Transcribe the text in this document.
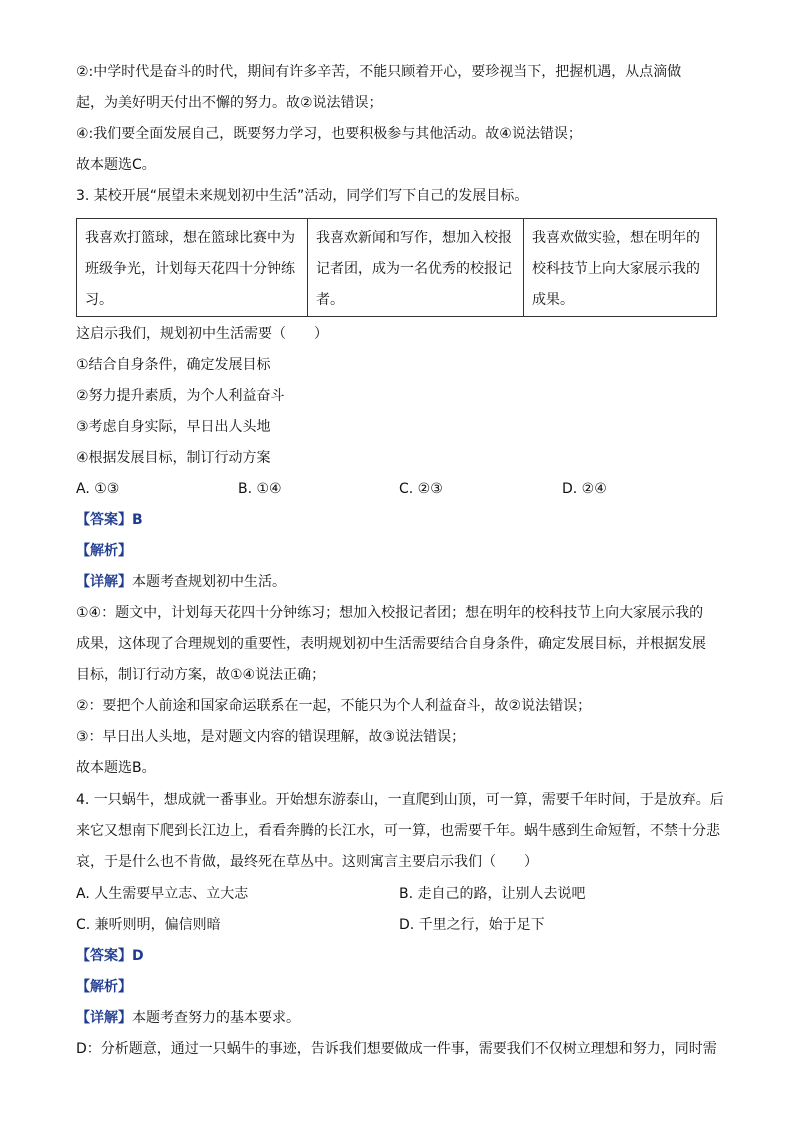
②:中学时代是奋斗的时代，期间有许多辛苦，不能只顾着开心，要珍视当下，把握机遇，从点滴做
起，为美好明天付出不懈的努力。故②说法错误；
④:我们要全面发展自己，既要努力学习，也要积极参与其他活动。故④说法错误；
故本题选C。
3. 某校开展“展望未来规划初中生活”活动，同学们写下自己的发展目标。
我喜欢打篮球，想在篮球比赛中为班级争光，计划每天花四十分钟练习。	我喜欢新闻和写作，想加入校报记者团，成为一名优秀的校报记者。	我喜欢做实验，想在明年的校科技节上向大家展示我的成果。
这启示我们，规划初中生活需要（　　）
①结合自身条件，确定发展目标
②努力提升素质，为个人利益奋斗
③考虑自身实际，早日出人头地
④根据发展目标，制订行动方案
A. ①③	B. ①④	C. ②③	D. ②④
【答案】B
【解析】
【详解】本题考查规划初中生活。
①④：题文中，计划每天花四十分钟练习；想加入校报记者团；想在明年的校科技节上向大家展示我的
成果，这体现了合理规划的重要性，表明规划初中生活需要结合自身条件，确定发展目标，并根据发展
目标，制订行动方案，故①④说法正确；
②：要把个人前途和国家命运联系在一起，不能只为个人利益奋斗，故②说法错误；
③：早日出人头地，是对题文内容的错误理解，故③说法错误；
故本题选B。
4. 一只蜗牛，想成就一番事业。开始想东游泰山，一直爬到山顶，可一算，需要千年时间，于是放弃。后
来它又想南下爬到长江边上，看看奔腾的长江水，可一算，也需要千年。蜗牛感到生命短暂，不禁十分悲
哀，于是什么也不肯做，最终死在草丛中。这则寓言主要启示我们（　　）
A. 人生需要早立志、立大志	B. 走自己的路，让别人去说吧
C. 兼听则明，偏信则暗	D. 千里之行，始于足下
【答案】D
【解析】
【详解】本题考查努力的基本要求。
D：分析题意，通过一只蜗牛的事迹，告诉我们想要做成一件事，需要我们不仅树立理想和努力，同时需
